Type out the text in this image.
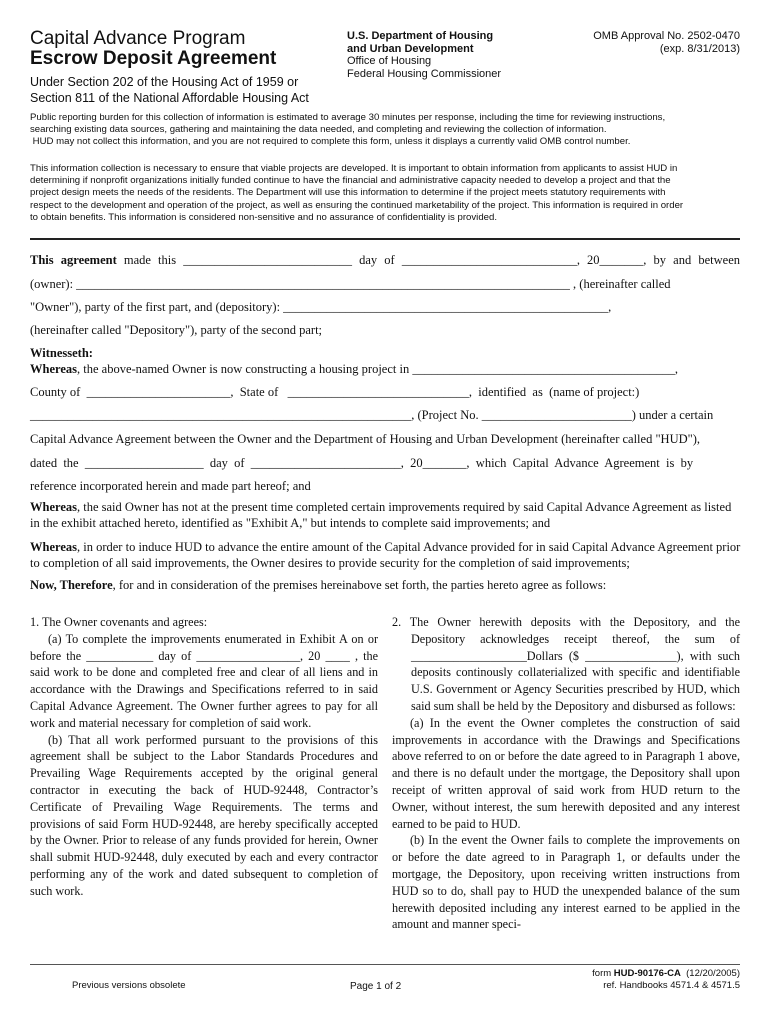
Capital Advance Program
Escrow Deposit Agreement
Under Section 202 of the Housing Act of 1959 or
Section 811 of the National Affordable Housing Act
U.S. Department of Housing
and Urban Development
Office of Housing
Federal Housing Commissioner
OMB Approval No. 2502-0470
(exp. 8/31/2013)
Public reporting burden for this collection of information is estimated to average 30 minutes per response, including the time for reviewing instructions,
searching existing data sources, gathering and maintaining the data needed, and completing and reviewing the collection of information.
HUD may not collect this information, and you are not required to complete this form, unless it displays a currently valid OMB control number.
This information collection is necessary to ensure that viable projects are developed. It is important to obtain information from applicants to assist HUD in
determining if nonprofit organizations initially funded continue to have the financial and administrative capacity needed to develop a project and that the
project design meets the needs of the residents. The Department will use this information to determine if the project meets statutory requirements with
respect to the development and operation of the project, as well as ensuring the continued marketability of the project. This information is required in order
to obtain benefits. This information is considered non-sensitive and no assurance of confidentiality is provided.
This agreement made this ___________________________ day of ____________________________, 20_______, by and between
(owner): _______________________________________________________________________________ , (hereinafter called
"Owner"), party of the first part, and (depository): ____________________________________________________,
(hereinafter called "Depository"), party of the second part;
Witnesseth:
Whereas, the above-named Owner is now constructing a housing project in __________________________________________,
County of  _______________________,  State of   _____________________________,  identified  as  (name of project:)
_____________________________________________________________, (Project No. ________________________) under a certain
Capital Advance Agreement between the Owner and the Department of Housing and Urban Development (hereinafter called "HUD"),
dated  the  ___________________  day  of  ________________________,  20_______,  which  Capital  Advance  Agreement  is  by
reference incorporated herein and made part hereof; and
Whereas, the said Owner has not at the present time completed certain improvements required by said Capital Advance Agreement as listed in the exhibit attached hereto, identified as "Exhibit A," but intends to complete said improvements; and
Whereas, in order to induce HUD to advance the entire amount of the Capital Advance provided for in said Capital Advance Agreement prior to completion of all said improvements, the Owner desires to provide security for the completion of said improvements;
Now, Therefore, for and in consideration of the premises hereinabove set forth, the parties hereto agree as follows:

1. The Owner covenants and agrees:

(a) To complete the improvements enumerated in Exhibit A on or before the ___________ day of _________________, 20 ____ , the said work to be done and completed free and clear of all liens and in accordance with the Drawings and Specifications referred to in said Capital Advance Agreement. The Owner further agrees to pay for all work and material necessary for completion of said work.

(b) That all work performed pursuant to the provisions of this agreement shall be subject to the Labor Standards Procedures and Prevailing Wage Requirements accepted by the original general contractor in executing the back of HUD-92448, Contractor’s Certificate of Prevailing Wage Requirements. The terms and provisions of said Form HUD-92448, are hereby specifically accepted by the Owner. Prior to release of any funds provided for herein, Owner shall submit HUD-92448, duly executed by each and every contractor performing any of the work and dated subsequent to completion of such work.

2. The Owner herewith deposits with the Depository, and the Depository acknowledges receipt thereof, the sum of ___________________Dollars ($ _______________), with such deposits continously collaterialized with specific and identifiable U.S. Government or Agency Securities prescribed by HUD, which said sum shall be held by the Depository and disbursed as follows:

(a) In the event the Owner completes the construction of said improvements in accordance with the Drawings and Specifications above referred to on or before the date agreed to in Paragraph 1 above, and there is no default under the mortgage, the Depository shall upon receipt of written approval of said work from HUD return to the Owner, without interest, the sum herewith deposited and any interest earned to be paid to HUD.

(b) In the event the Owner fails to complete the improvements on or before the date agreed to in Paragraph 1, or defaults under the mortgage, the Depository, upon receiving written instructions from HUD so to do, shall pay to HUD the unexpended balance of the sum herewith deposited including any interest earned to be applied in the amount and manner speci-

Previous versions obsolete	Page 1 of 2
form HUD-90176-CA  (12/20/2005)
ref. Handbooks 4571.4 & 4571.5
